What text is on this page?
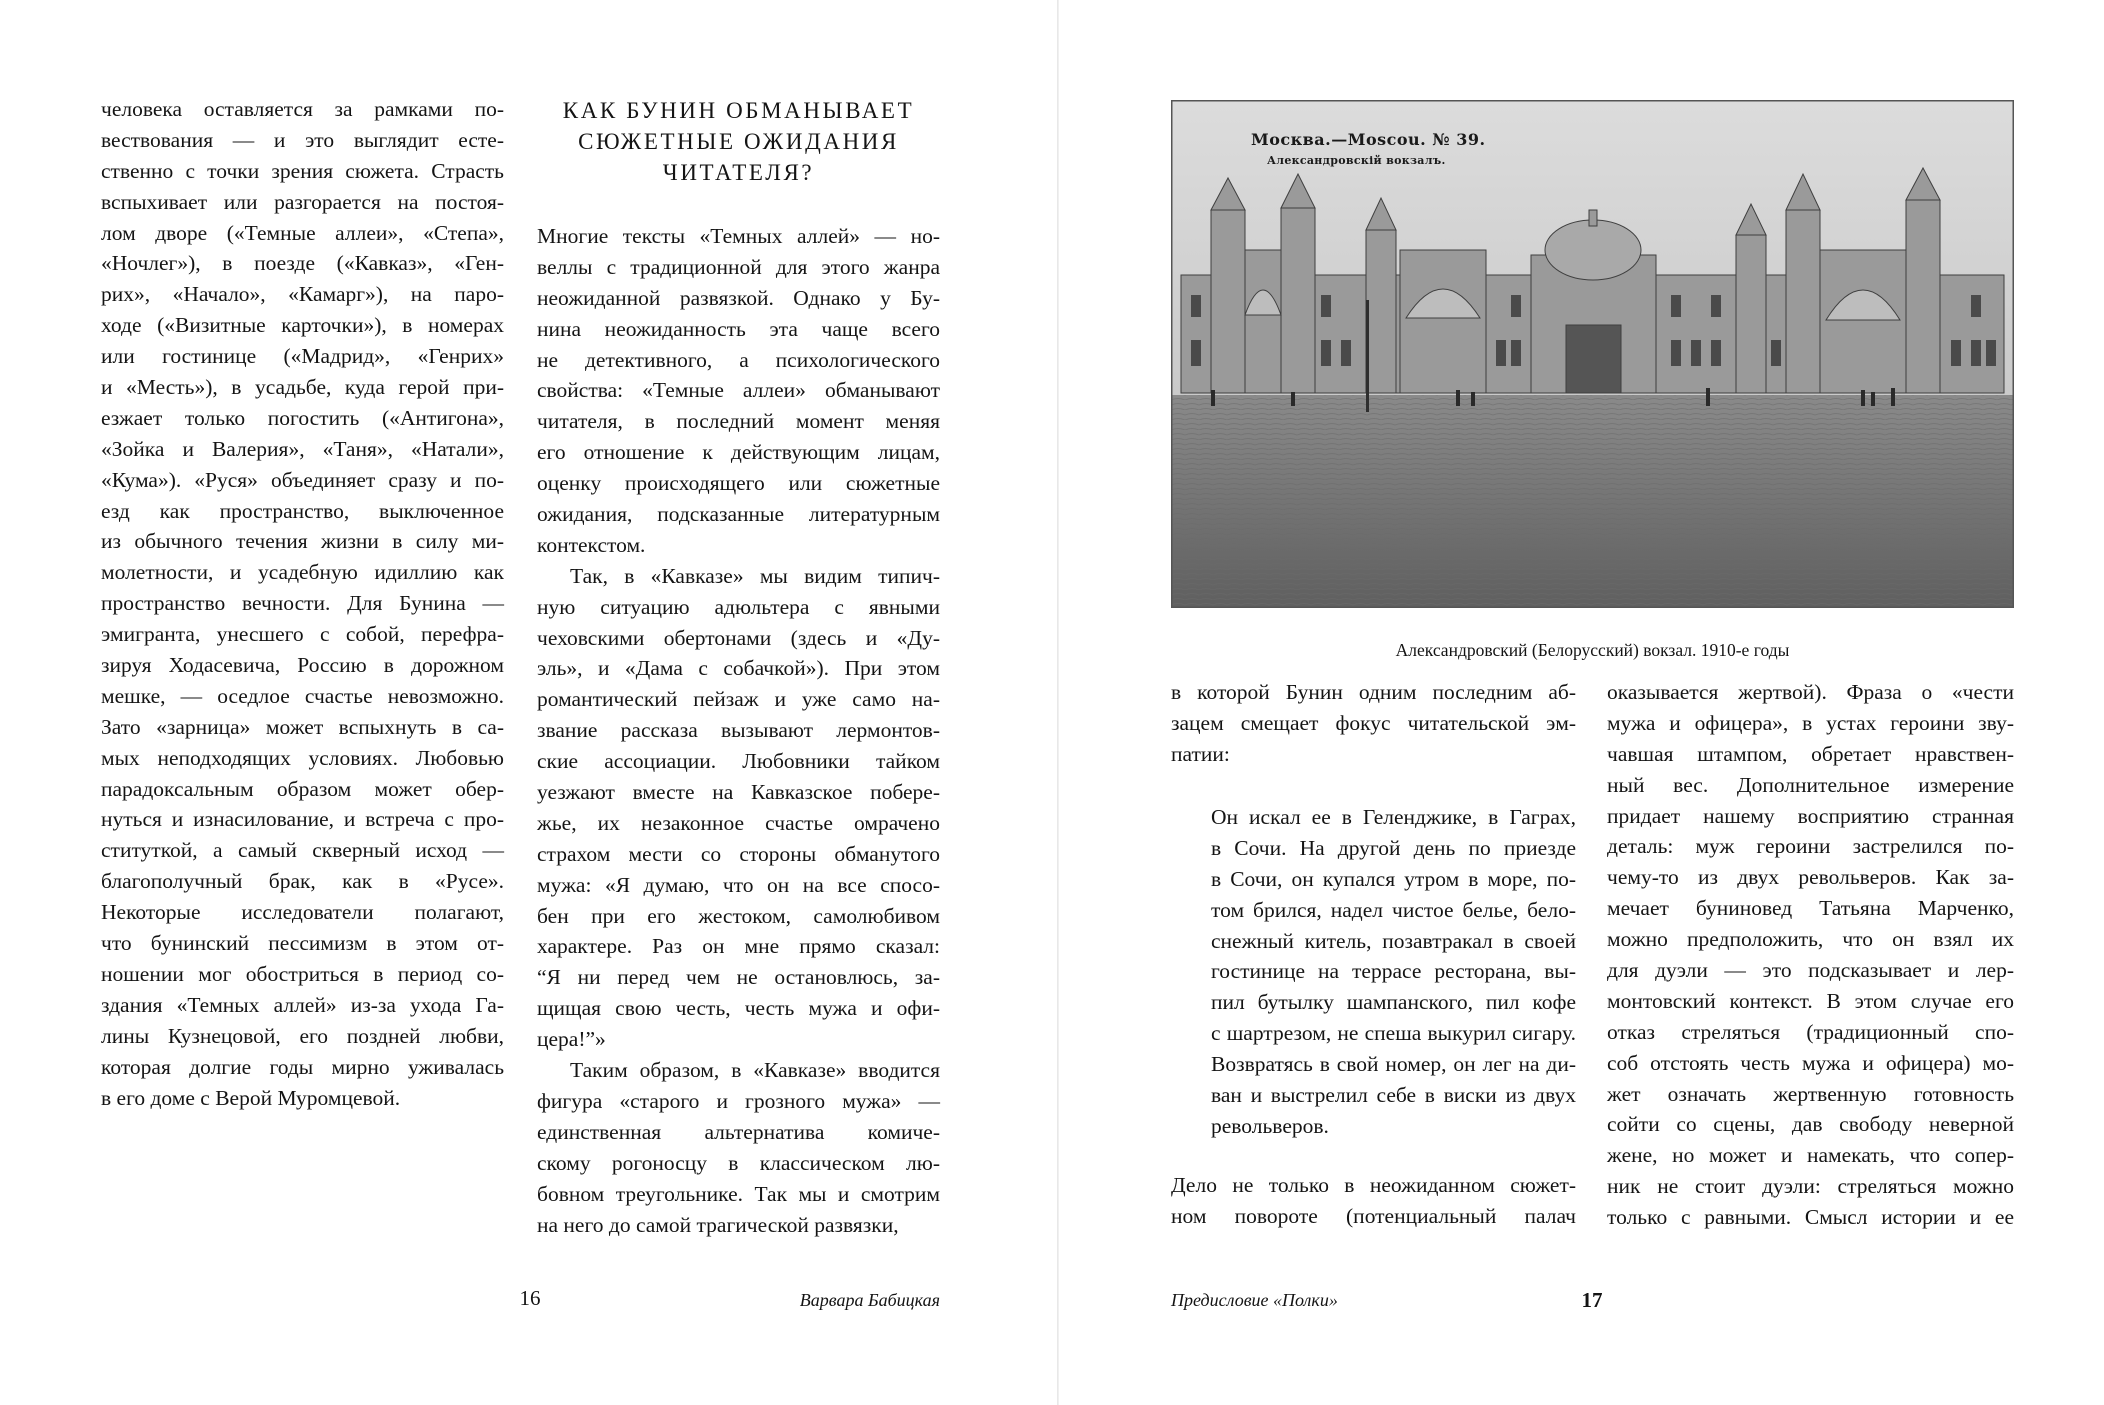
человека оставляется за рамками по-
вествования — и это выглядит есте-
ственно с точки зрения сюжета. Страсть
вспыхивает или разгорается на постоя-
лом дворе («Темные аллеи», «Степа»,
«Ночлег»), в поезде («Кавказ», «Ген-
рих», «Начало», «Камарг»), на паро-
ходе («Визитные карточки»), в номерах
или гостинице («Мадрид», «Генрих»
и «Месть»), в усадьбе, куда герой при-
езжает только погостить («Антигона»,
«Зойка и Валерия», «Таня», «Натали»,
«Кума»). «Руся» объединяет сразу и по-
езд как пространство, выключенное
из обычного течения жизни в силу ми-
молетности, и усадебную идиллию как
пространство вечности. Для Бунина —
эмигранта, унесшего с собой, перефра-
зируя Ходасевича, Россию в дорожном
мешке, — оседлое счастье невозможно.
Зато «зарница» может вспыхнуть в са-
мых неподходящих условиях. Любовью
парадоксальным образом может обер-
нуться и изнасилование, и встреча с про-
ституткой, а самый скверный исход —
благополучный брак, как в «Русе».
Некоторые исследователи полагают,
что бунинский пессимизм в этом от-
ношении мог обостриться в период со-
здания «Темных аллей» из-за ухода Га-
лины Кузнецовой, его поздней любви,
которая долгие годы мирно уживалась
в его доме с Верой Муромцевой.
КАК БУНИН ОБМАНЫВАЕТ
СЮЖЕТНЫЕ ОЖИДАНИЯ
ЧИТАТЕЛЯ?
Многие тексты «Темных аллей» — но-
веллы с традиционной для этого жанра
неожиданной развязкой. Однако у Бу-
нина неожиданность эта чаще всего
не детективного, а психологического
свойства: «Темные аллеи» обманывают
читателя, в последний момент меняя
его отношение к действующим лицам,
оценку происходящего или сюжетные
ожидания, подсказанные литературным
контекстом.
Так, в «Кавказе» мы видим типич-
ную ситуацию адюльтера с явными
чеховскими обертонами (здесь и «Ду-
эль», и «Дама с собачкой»). При этом
романтический пейзаж и уже само на-
звание рассказа вызывают лермонтов-
ские ассоциации. Любовники тайком
уезжают вместе на Кавказское побере-
жье, их незаконное счастье омрачено
страхом мести со стороны обманутого
мужа: «Я думаю, что он на все спосо-
бен при его жестоком, самолюбивом
характере. Раз он мне прямо сказал:
“Я ни перед чем не остановлюсь, за-
щищая свою честь, честь мужа и офи-
цера!”»
Таким образом, в «Кавказе» вводится
фигура «старого и грозного мужа» —
единственная альтернатива комиче-
скому рогоносцу в классическом лю-
бовном треугольнике. Так мы и смотрим
на него до самой трагической развязки,
16	Варвара Бабицкая
Москва.—Moscou. № 39.
Александровскій вокзалъ.
Александровский (Белорусский) вокзал. 1910-е годы
в которой Бунин одним последним аб-
зацем смещает фокус читательской эм-
патии:
Дело не только в неожиданном сюжет-
ном повороте (потенциальный палач
Он искал ее в Геленджике, в Гаграх,
в Сочи. На другой день по приезде
в Сочи, он купался утром в море, по-
том брился, надел чистое белье, бело-
снежный китель, позавтракал в своей
гостинице на террасе ресторана, вы-
пил бутылку шампанского, пил кофе
с шартрезом, не спеша выкурил сигару.
Возвратясь в свой номер, он лег на ди-
ван и выстрелил себе в виски из двух
револьверов.
оказывается жертвой). Фраза о «чести
мужа и офицера», в устах героини зву-
чавшая штампом, обретает нравствен-
ный вес. Дополнительное измерение
придает нашему восприятию странная
деталь: муж героини застрелился по-
чему-то из двух револьверов. Как за-
мечает буниновед Татьяна Марченко,
можно предположить, что он взял их
для дуэли — это подсказывает и лер-
монтовский контекст. В этом случае его
отказ стреляться (традиционный спо-
соб отстоять честь мужа и офицера) мо-
жет означать жертвенную готовность
сойти со сцены, дав свободу неверной
жене, но может и намекать, что сопер-
ник не стоит дуэли: стреляться можно
только с равными. Смысл истории и ее
Предисловие «Полки»	17
